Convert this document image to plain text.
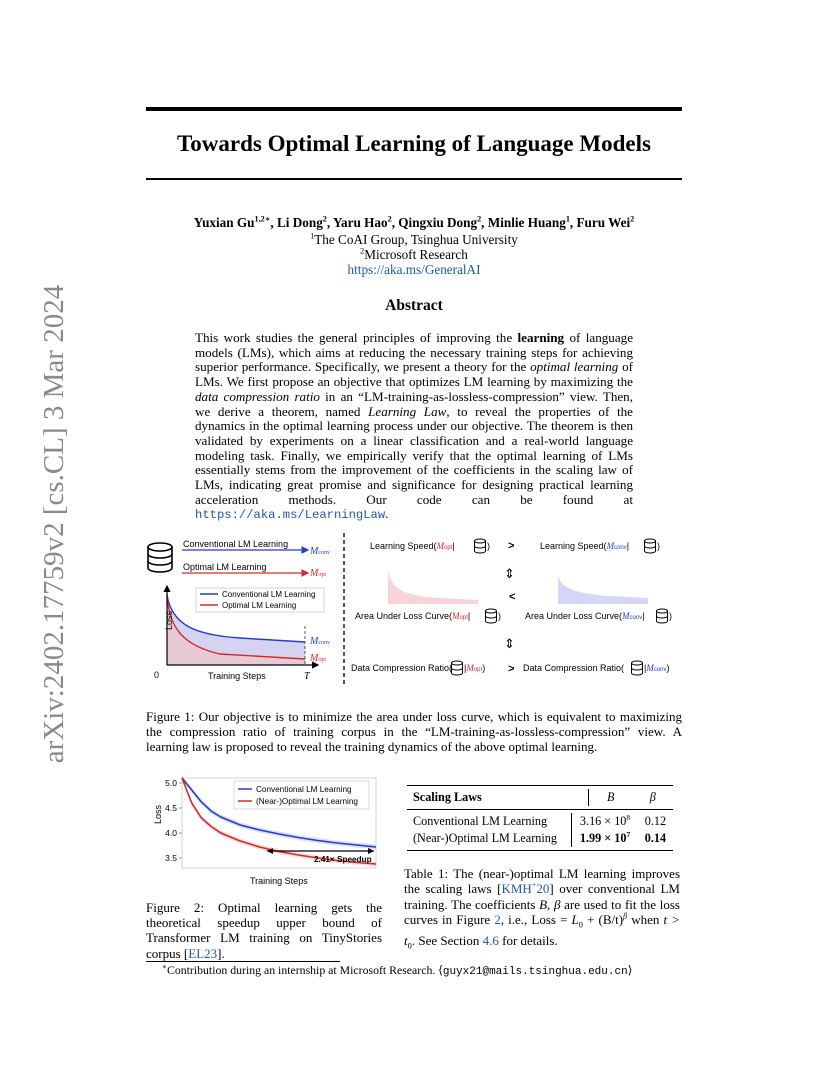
arXiv:2402.17759v2 [cs.CL] 3 Mar 2024
Towards Optimal Learning of Language Models
Yuxian $Gu^{1,2∗}$, Li Dong$^2$, Yaru Hao$^2$, Qingxiu Dong$^2$, Minlie Huang$^1$, Furu Wei$^2$
$^1$The CoAI Group, Tsinghua University
$^2$Microsoft Research
https://aka.ms/GeneralAI
Abstract
This work studies the general principles of improving the learning of language models (LMs), which aims at reducing the necessary training steps for achieving superior performance. Specifically, we present a theory for the optimal learning of LMs. We first propose an objective that optimizes LM learning by maximizing the data compression ratio in an “LM-training-as-lossless-compression” view. Then, we derive a theorem, named Learning Law, to reveal the properties of the dynamics in the optimal learning process under our objective. The theorem is then validated by experiments on a linear classification and a real-world language modeling task. Finally, we empirically verify that the optimal learning of LMs essentially stems from the improvement of the coefficients in the scaling law of LMs, indicating great promise and significance for designing practical learning acceleration methods. Our code can be found at https://aka.ms/LearningLaw.
Conventional LM Learning
Optimal LM Learning
Mconv
Mopt
Loss
0	Training Steps	T
Mconv
Mopt
Conventional LM Learning
Optimal LM Learning
Learning Speed(Mopt|	) >	Learning Speed(Mconv|	)
⇕
<
Area Under Loss Curve(Mopt|	)	Area Under Loss Curve(Mconv|	)
⇕
Data Compression Ratio( |Mopt) > Data Compression Ratio( |Mconv)
Figure 1: Our objective is to minimize the area under loss curve, which is equivalent to maximizing the compression ratio of training corpus in the “LM-training-as-lossless-compression” view. A learning law is proposed to reveal the training dynamics of the above optimal learning.
5.0
4.5
4.0
3.5
Loss
Training Steps
Conventional LM Learning
(Near-)Optimal LM Learning
2.41× Speedup
Figure 2: Optimal learning gets the theoretical speedup upper bound of Transformer LM training on TinyStories corpus [EL23].
Scaling Laws	B	β
Conventional LM Learning	$3.16 \times 10^8$	0.12
(Near-)Optimal LM Learning	$1.99 \times 10^7$	0.14
Table 1: The (near-)optimal LM learning improves the scaling laws [KMH+20] over conventional LM training. The coefficients B, β are used to fit the loss curves in Figure 2, i.e., Loss = $L_0 + (B/t)^\beta$ when $t > t_0$. See Section 4.6 for details.
∗Contribution during an internship at Microsoft Research. ⟨guyx21@mails.tsinghua.edu.cn⟩
